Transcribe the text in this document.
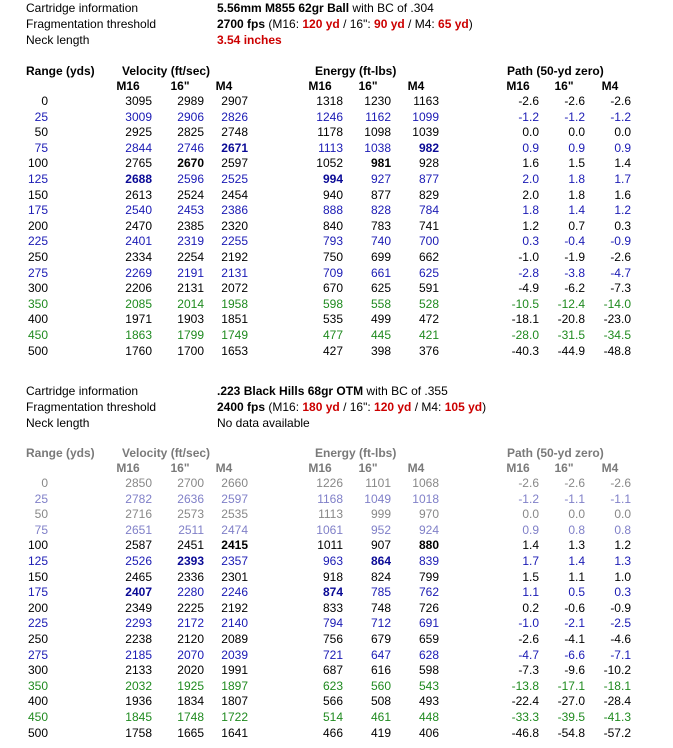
Cartridge information	5.56mm M855 62gr Ball with BC of .304
Fragmentation threshold	2700 fps (M16: 120 yd / 16": 90 yd / M4: 65 yd)
Neck length	3.54 inches
Range (yds) Velocity (ft/sec)	Energy (ft-lbs)	Path (50-yd zero)
M16	16"	M4	M16	16"	M4	M16	16"	M4
0	3095	2989	2907	1318	1230	1163	-2.6	-2.6	-2.6
25	3009	2906	2826	1246	1162	1099	-1.2	-1.2	-1.2
50	2925	2825	2748	1178	1098	1039	0.0	0.0	0.0
75	2844	2746	2671	1113	1038	982	0.9	0.9	0.9
100	2765	2670	2597	1052	981	928	1.6	1.5	1.4
125	2688	2596	2525	994	927	877	2.0	1.8	1.7
150	2613	2524	2454	940	877	829	2.0	1.8	1.6
175	2540	2453	2386	888	828	784	1.8	1.4	1.2
200	2470	2385	2320	840	783	741	1.2	0.7	0.3
225	2401	2319	2255	793	740	700	0.3	-0.4	-0.9
250	2334	2254	2192	750	699	662	-1.0	-1.9	-2.6
275	2269	2191	2131	709	661	625	-2.8	-3.8	-4.7
300	2206	2131	2072	670	625	591	-4.9	-6.2	-7.3
350	2085	2014	1958	598	558	528	-10.5	-12.4	-14.0
400	1971	1903	1851	535	499	472	-18.1	-20.8	-23.0
450	1863	1799	1749	477	445	421	-28.0	-31.5	-34.5
500	1760	1700	1653	427	398	376	-40.3	-44.9	-48.8
Cartridge information	.223 Black Hills 68gr OTM with BC of .355
Fragmentation threshold	2400 fps (M16: 180 yd / 16": 120 yd / M4: 105 yd)
Neck length	No data available
Range (yds) Velocity (ft/sec)	Energy (ft-lbs)	Path (50-yd zero)
M16	16"	M4	M16	16"	M4	M16	16"	M4
0	2850	2700	2660	1226	1101	1068	-2.6	-2.6	-2.6
25	2782	2636	2597	1168	1049	1018	-1.2	-1.1	-1.1
50	2716	2573	2535	1113	999	970	0.0	0.0	0.0
75	2651	2511	2474	1061	952	924	0.9	0.8	0.8
100	2587	2451	2415	1011	907	880	1.4	1.3	1.2
125	2526	2393	2357	963	864	839	1.7	1.4	1.3
150	2465	2336	2301	918	824	799	1.5	1.1	1.0
175	2407	2280	2246	874	785	762	1.1	0.5	0.3
200	2349	2225	2192	833	748	726	0.2	-0.6	-0.9
225	2293	2172	2140	794	712	691	-1.0	-2.1	-2.5
250	2238	2120	2089	756	679	659	-2.6	-4.1	-4.6
275	2185	2070	2039	721	647	628	-4.7	-6.6	-7.1
300	2133	2020	1991	687	616	598	-7.3	-9.6	-10.2
350	2032	1925	1897	623	560	543	-13.8	-17.1	-18.1
400	1936	1834	1807	566	508	493	-22.4	-27.0	-28.4
450	1845	1748	1722	514	461	448	-33.3	-39.5	-41.3
500	1758	1665	1641	466	419	406	-46.8	-54.8	-57.2
